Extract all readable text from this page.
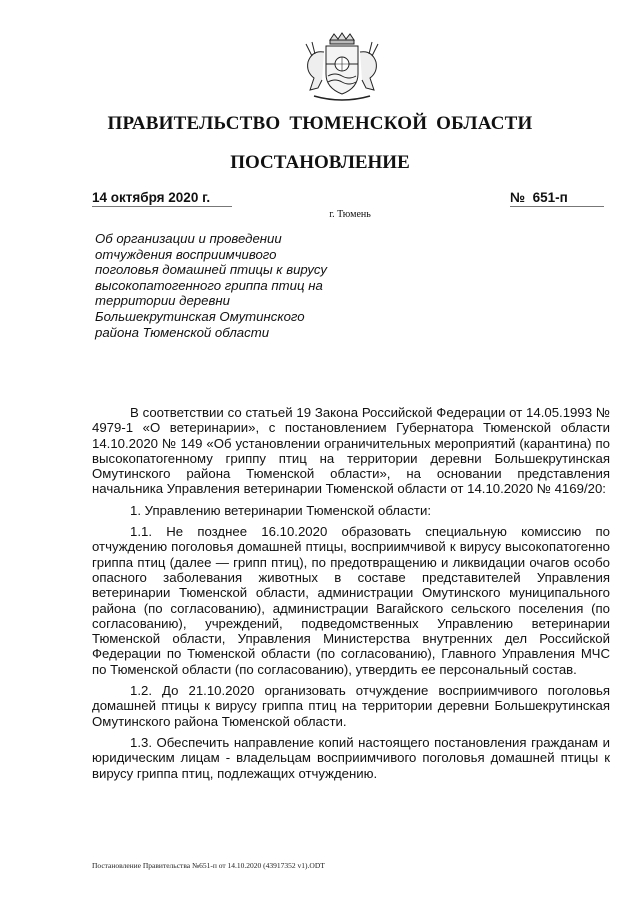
ПРАВИТЕЛЬСТВО ТЮМЕНСКОЙ ОБЛАСТИ
ПОСТАНОВЛЕНИЕ
14 октября 2020 г.	№ 651-п
г. Тюмень
Об организации и проведении отчуждения восприимчивого поголовья домашней птицы к вирусу высокопатогенного гриппа птиц на территории деревни Большекрутинская Омутинского района Тюменской области

В соответствии со статьей 19 Закона Российской Федерации от 14.05.1993 № 4979-1 «О ветеринарии», с постановлением Губернатора Тюменской области 14.10.2020 № 149 «Об установлении ограничительных мероприятий (карантина) по высокопатогенному гриппу птиц на территории деревни Большекрутинская Омутинского района Тюменской области», на основании представления начальника Управления ветеринарии Тюменской области от 14.10.2020 № 4169/20:

1. Управлению ветеринарии Тюменской области:

1.1. Не позднее 16.10.2020 образовать специальную комиссию по отчуждению поголовья домашней птицы, восприимчивой к вирусу высокопатогенно гриппа птиц (далее — грипп птиц), по предотвращению и ликвидации очагов особо опасного заболевания животных в составе представителей Управления ветеринарии Тюменской области, администрации Омутинского муниципального района (по согласованию), администрации Вагайского сельского поселения (по согласованию), учреждений, подведомственных Управлению ветеринарии Тюменской области, Управления Министерства внутренних дел Российской Федерации по Тюменской области (по согласованию), Главного Управления МЧС по Тюменской области (по согласованию), утвердить ее персональный состав.

1.2. До 21.10.2020 организовать отчуждение восприимчивого поголовья домашней птицы к вирусу гриппа птиц на территории деревни Большекрутинская Омутинского района Тюменской области.

1.3. Обеспечить направление копий настоящего постановления гражданам и юридическим лицам - владельцам восприимчивого поголовья домашней птицы к вирусу гриппа птиц, подлежащих отчуждению.

Постановление Правительства №651-п от 14.10.2020 (43917352 v1).ODT
